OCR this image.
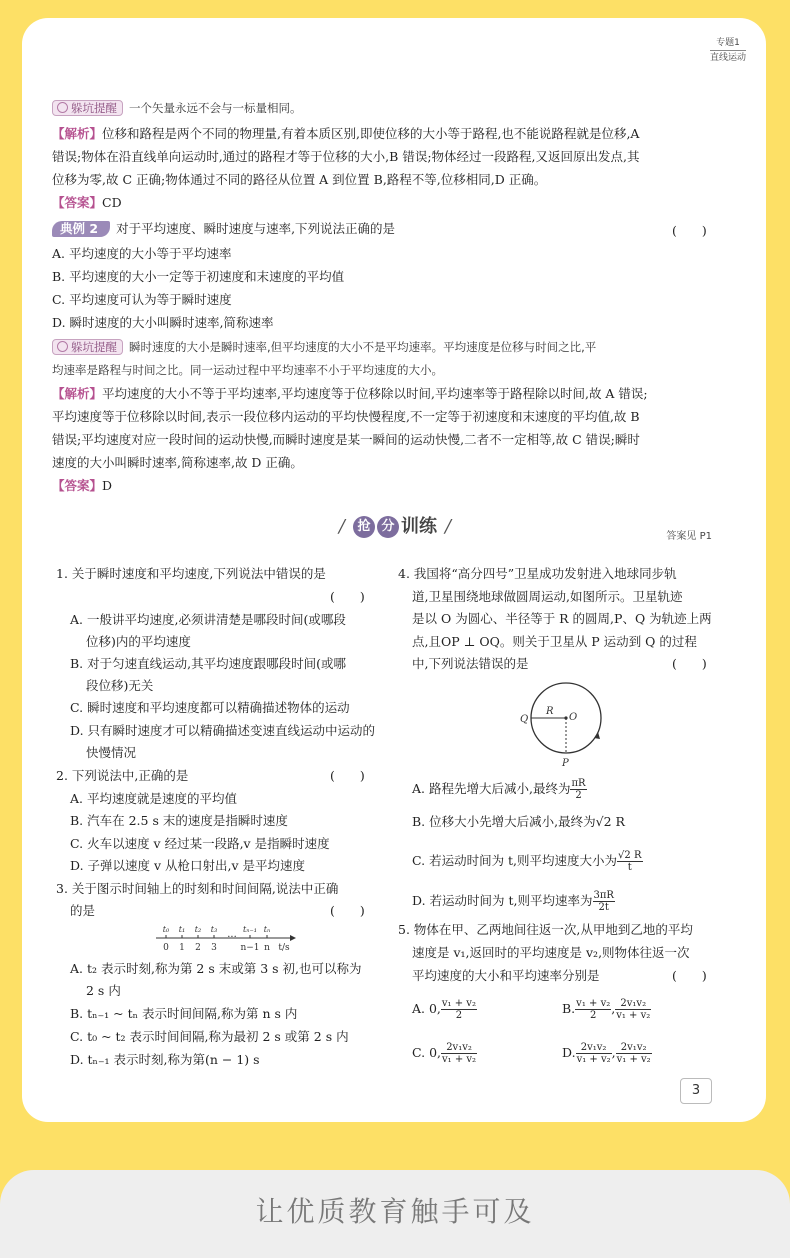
专题1
直线运动
躲坑提醒 一个矢量永远不会与一标量相同。
【解析】位移和路程是两个不同的物理量,有着本质区别,即使位移的大小等于路程,也不能说路程就是位移,A
错误;物体在沿直线单向运动时,通过的路程才等于位移的大小,B 错误;物体经过一段路程,又返回原出发点,其
位移为零,故 C 正确;物体通过不同的路径从位置 A 到位置 B,路程不等,位移相同,D 正确。
【答案】CD
典例 2 对于平均速度、瞬时速度与速率,下列说法正确的是	(　　)
A. 平均速度的大小等于平均速率
B. 平均速度的大小一定等于初速度和末速度的平均值
C. 平均速度可认为等于瞬时速度
D. 瞬时速度的大小叫瞬时速率,简称速率
躲坑提醒 瞬时速度的大小是瞬时速率,但平均速度的大小不是平均速率。平均速度是位移与时间之比,平
均速率是路程与时间之比。同一运动过程中平均速率不小于平均速度的大小。
【解析】平均速度的大小不等于平均速率,平均速度等于位移除以时间,平均速率等于路程除以时间,故 A 错误;
平均速度等于位移除以时间,表示一段位移内运动的平均快慢程度,不一定等于初速度和末速度的平均值,故 B
错误;平均速度对应一段时间的运动快慢,而瞬时速度是某一瞬间的运动快慢,二者不一定相等,故 C 错误;瞬时
速度的大小叫瞬时速率,简称速率,故 D 正确。
【答案】D
/ 抢 分 训练 /	答案见 P1
1. 关于瞬时速度和平均速度,下列说法中错误的是
(　　)
A. 一般讲平均速度,必须讲清楚是哪段时间(或哪段
位移)内的平均速度
B. 对于匀速直线运动,其平均速度跟哪段时间(或哪
段位移)无关
C. 瞬时速度和平均速度都可以精确描述物体的运动
D. 只有瞬时速度才可以精确描述变速直线运动中运动的
快慢情况
2. 下列说法中,正确的是	(　　)
A. 平均速度就是速度的平均值
B. 汽车在 2.5 s 末的速度是指瞬时速度
C. 火车以速度 v 经过某一段路,v 是指瞬时速度
D. 子弹以速度 v 从枪口射出,v 是平均速度
3. 关于图示时间轴上的时刻和时间间隔,说法中正确
的是	(　　)
t₀ t₁ t₂ t₃	tₙ₋₁ tₙ
···
0 1 2 3	n−1 n t/s
A. t₂ 表示时刻,称为第 2 s 末或第 3 s 初,也可以称为
2 s 内
B. tₙ₋₁ ~ tₙ 表示时间间隔,称为第 n s 内
C. t₀ ~ t₂ 表示时间间隔,称为最初 2 s 或第 2 s 内
D. tₙ₋₁ 表示时刻,称为第(n − 1) s
4. 我国将“高分四号”卫星成功发射进入地球同步轨
道,卫星围绕地球做圆周运动,如图所示。卫星轨迹
是以 O 为圆心、半径等于 R 的圆周,P、Q 为轨迹上两
点,且OP ⊥ OQ。则关于卫星从 P 运动到 Q 的过程
中,下列说法错误的是	(　　)
R
O
Q
P
A. 路程先增大后减小,最终为 $\frac{\pi R}{2}$
B. 位移大小先增大后减小,最终为√2 R
C. 若运动时间为 t,则平均速度大小为 $\frac{√2 R}{t}$
D. 若运动时间为 t,则平均速率为 $\frac{3\pi R}{2t}$
5. 物体在甲、乙两地间往返一次,从甲地到乙地的平均
速度是 v₁,返回时的平均速度是 v₂,则物体往返一次
平均速度的大小和平均速率分别是	(　　)
A. 0, $\frac{\text{v₁ + v₂}}{2}$	B. $\frac{\text{v₁ + v₂}}{2}$ , $\frac{\text{2v₁v₂}}{\text{v₁ + v₂}}$
C. 0, $\frac{\text{2v₁v₂}}{\text{v₁ + v₂}}$	D. $\frac{\text{2v₁v₂}}{\text{v₁ + v₂}}$ , $\frac{\text{2v₁v₂}}{\text{v₁ + v₂}}$
3
让优质教育触手可及
